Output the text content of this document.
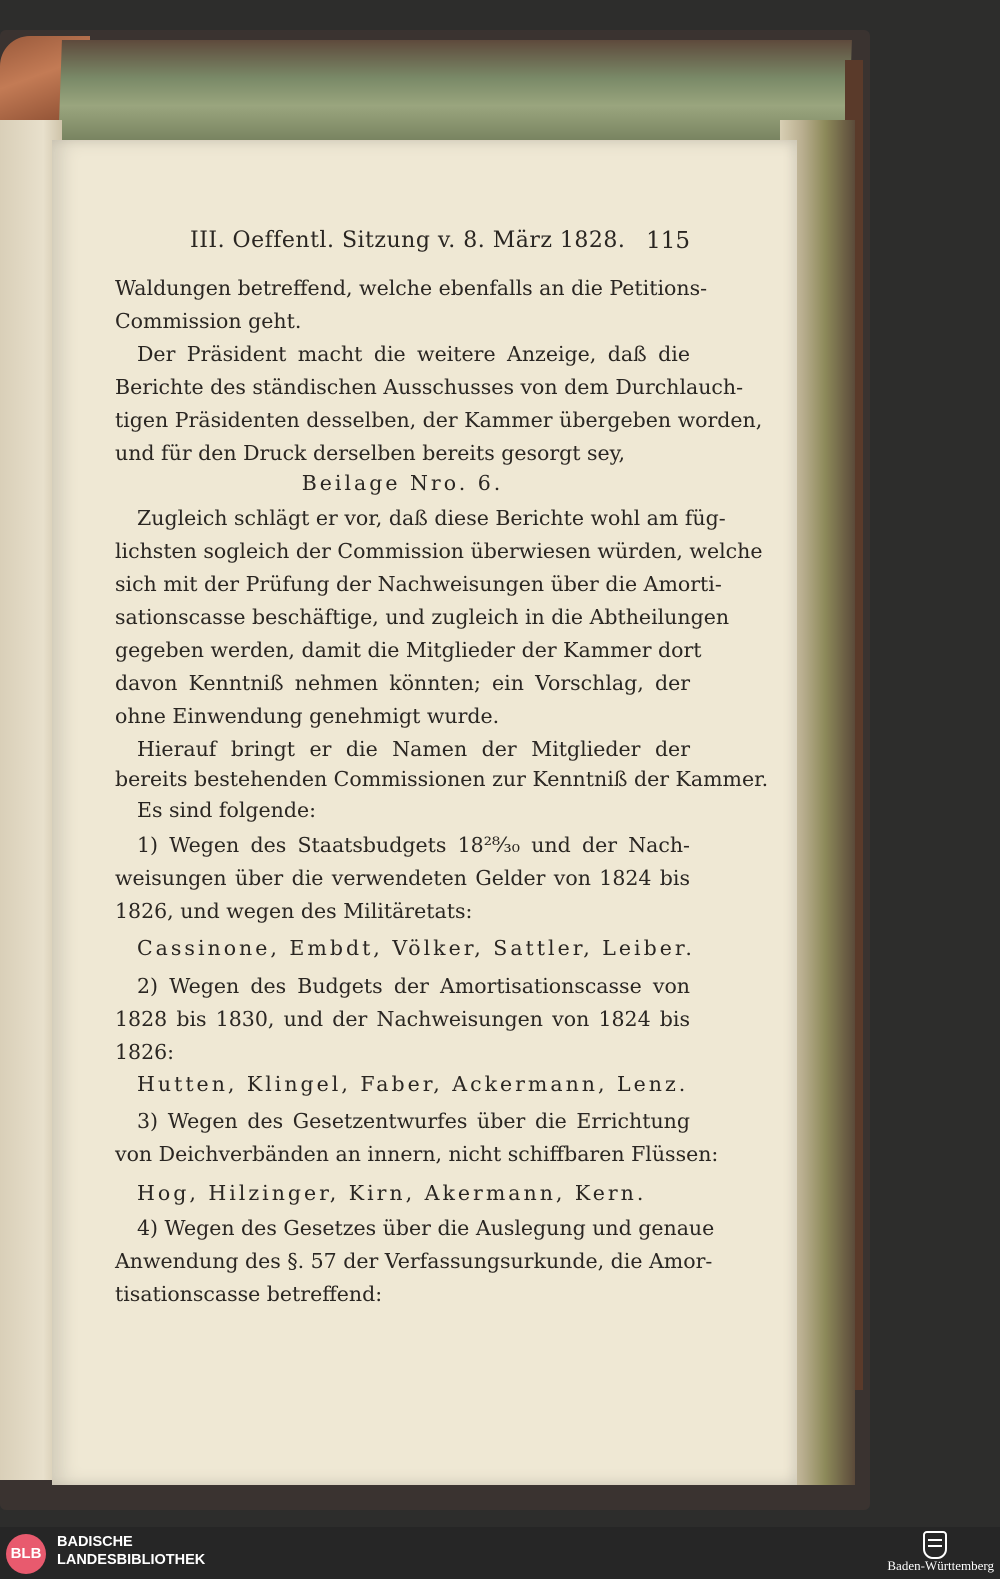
III. Oeffentl. Sitzung v. 8. März 1828. 115
Waldungen betreffend, welche ebenfalls an die Petitions-
Commission geht.
Der Präsident macht die weitere Anzeige, daß die
Berichte des ständischen Ausschusses von dem Durchlauch-
tigen Präsidenten desselben, der Kammer übergeben worden,
und für den Druck derselben bereits gesorgt sey,
Beilage Nro. 6.
Zugleich schlägt er vor, daß diese Berichte wohl am füg-
lichsten sogleich der Commission überwiesen würden, welche
sich mit der Prüfung der Nachweisungen über die Amorti-
sationscasse beschäftige, und zugleich in die Abtheilungen
gegeben werden, damit die Mitglieder der Kammer dort
davon Kenntniß nehmen könnten; ein Vorschlag, der
ohne Einwendung genehmigt wurde.
Hierauf bringt er die Namen der Mitglieder der
bereits bestehenden Commissionen zur Kenntniß der Kammer.
Es sind folgende:
1) Wegen des Staatsbudgets 18²⁸⁄₃₀ und der Nach-
weisungen über die verwendeten Gelder von 1824 bis
1826, und wegen des Militäretats:
Cassinone, Embdt, Völker, Sattler, Leiber.
2) Wegen des Budgets der Amortisationscasse von
1828 bis 1830, und der Nachweisungen von 1824 bis
1826:
Hutten, Klingel, Faber, Ackermann, Lenz.
3) Wegen des Gesetzentwurfes über die Errichtung
von Deichverbänden an innern, nicht schiffbaren Flüssen:
Hog, Hilzinger, Kirn, Akermann, Kern.
4) Wegen des Gesetzes über die Auslegung und genaue
Anwendung des §. 57 der Verfassungsurkunde, die Amor-
tisationscasse betreffend:
BLB
BADISCHE
LANDESBIBLIOTHEK	Baden-Württemberg
